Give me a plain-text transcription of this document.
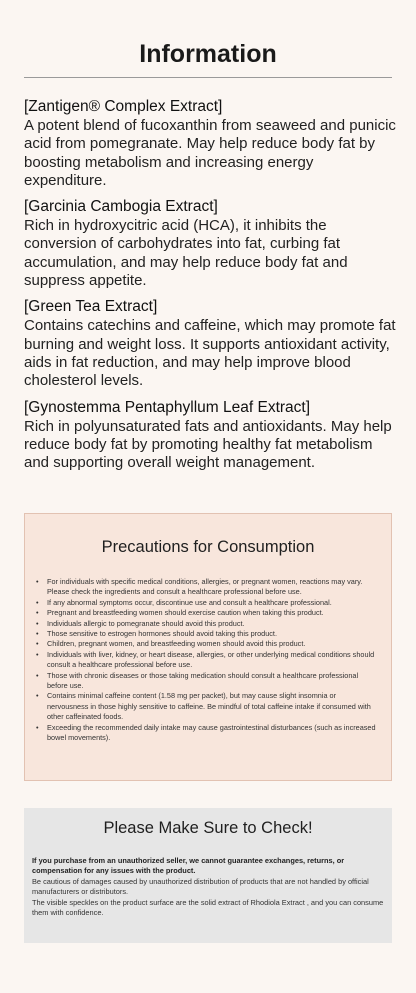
Information
[Zantigen® Complex Extract]

A potent blend of fucoxanthin from seaweed and punicic acid from pomegranate. May help reduce body fat by boosting metabolism and increasing energy expenditure.

[Garcinia Cambogia Extract]

Rich in hydroxycitric acid (HCA), it inhibits the conversion of carbohydrates into fat, curbing fat accumulation, and may help reduce body fat and suppress appetite.

[Green Tea Extract]

Contains catechins and caffeine, which may promote fat burning and weight loss. It supports antioxidant activity, aids in fat reduction, and may help improve blood cholesterol levels.

[Gynostemma Pentaphyllum Leaf Extract]

Rich in polyunsaturated fats and antioxidants. May help reduce body fat by promoting healthy fat metabolism and supporting overall weight management.

Precautions for Consumption
• For individuals with specific medical conditions, allergies, or pregnant women, reactions may vary. Please check the ingredients and consult a healthcare professional before use.
• If any abnormal symptoms occur, discontinue use and consult a healthcare professional.
• Pregnant and breastfeeding women should exercise caution when taking this product.
• Individuals allergic to pomegranate should avoid this product.
• Those sensitive to estrogen hormones should avoid taking this product.
• Children, pregnant women, and breastfeeding women should avoid this product.
• Individuals with liver, kidney, or heart disease, allergies, or other underlying medical conditions should consult a healthcare professional before use.
• Those with chronic diseases or those taking medication should consult a healthcare professional before use.
• Contains minimal caffeine content (1.58 mg per packet), but may cause slight insomnia or nervousness in those highly sensitive to caffeine. Be mindful of total caffeine intake if consumed with other caffeinated foods.
• Exceeding the recommended daily intake may cause gastrointestinal disturbances (such as increased bowel movements).
Please Make Sure to Check!
If you purchase from an unauthorized seller, we cannot guarantee exchanges, returns, or compensation for any issues with the product.
Be cautious of damages caused by unauthorized distribution of products that are not handled by official manufacturers or distributors.
The visible speckles on the product surface are the solid extract of Rhodiola Extract , and you can consume them with confidence.
